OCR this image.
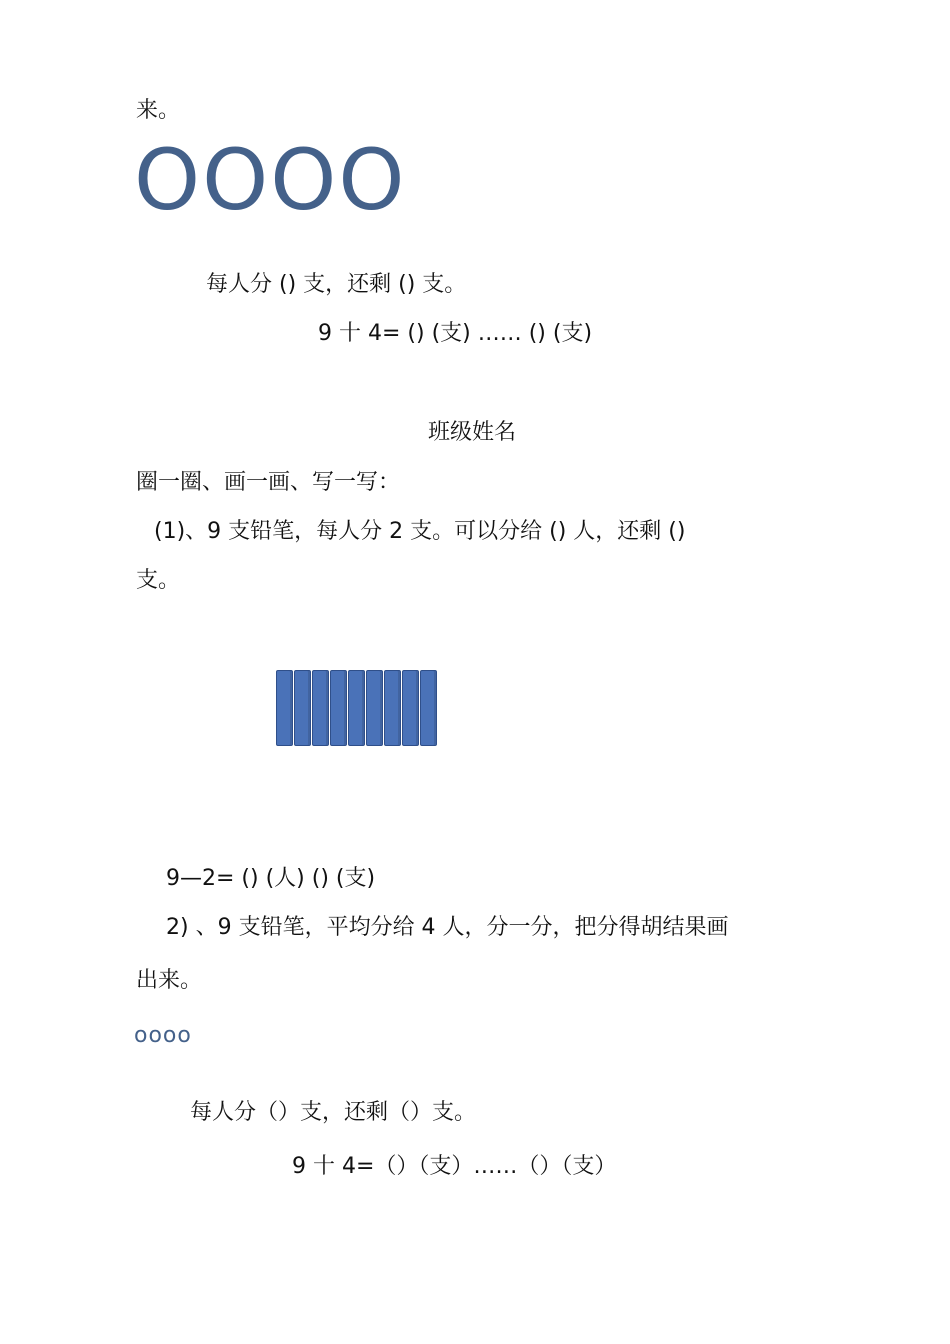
来。
OOOO
每人分 () 支，还剩 () 支。
9 十 4= () (支) …… () (支)
班级姓名
圈一圈、画一画、写一写：
(1)、9 支铅笔，每人分 2 支。可以分给 () 人，还剩 ()
支。
9—2= () (人) () (支)
2) 、9 支铅笔，平均分给 4 人，分一分，把分得胡结果画
出来。
oooo
每人分（）支，还剩（）支。
9 十 4=（）（支）……（）（支）
